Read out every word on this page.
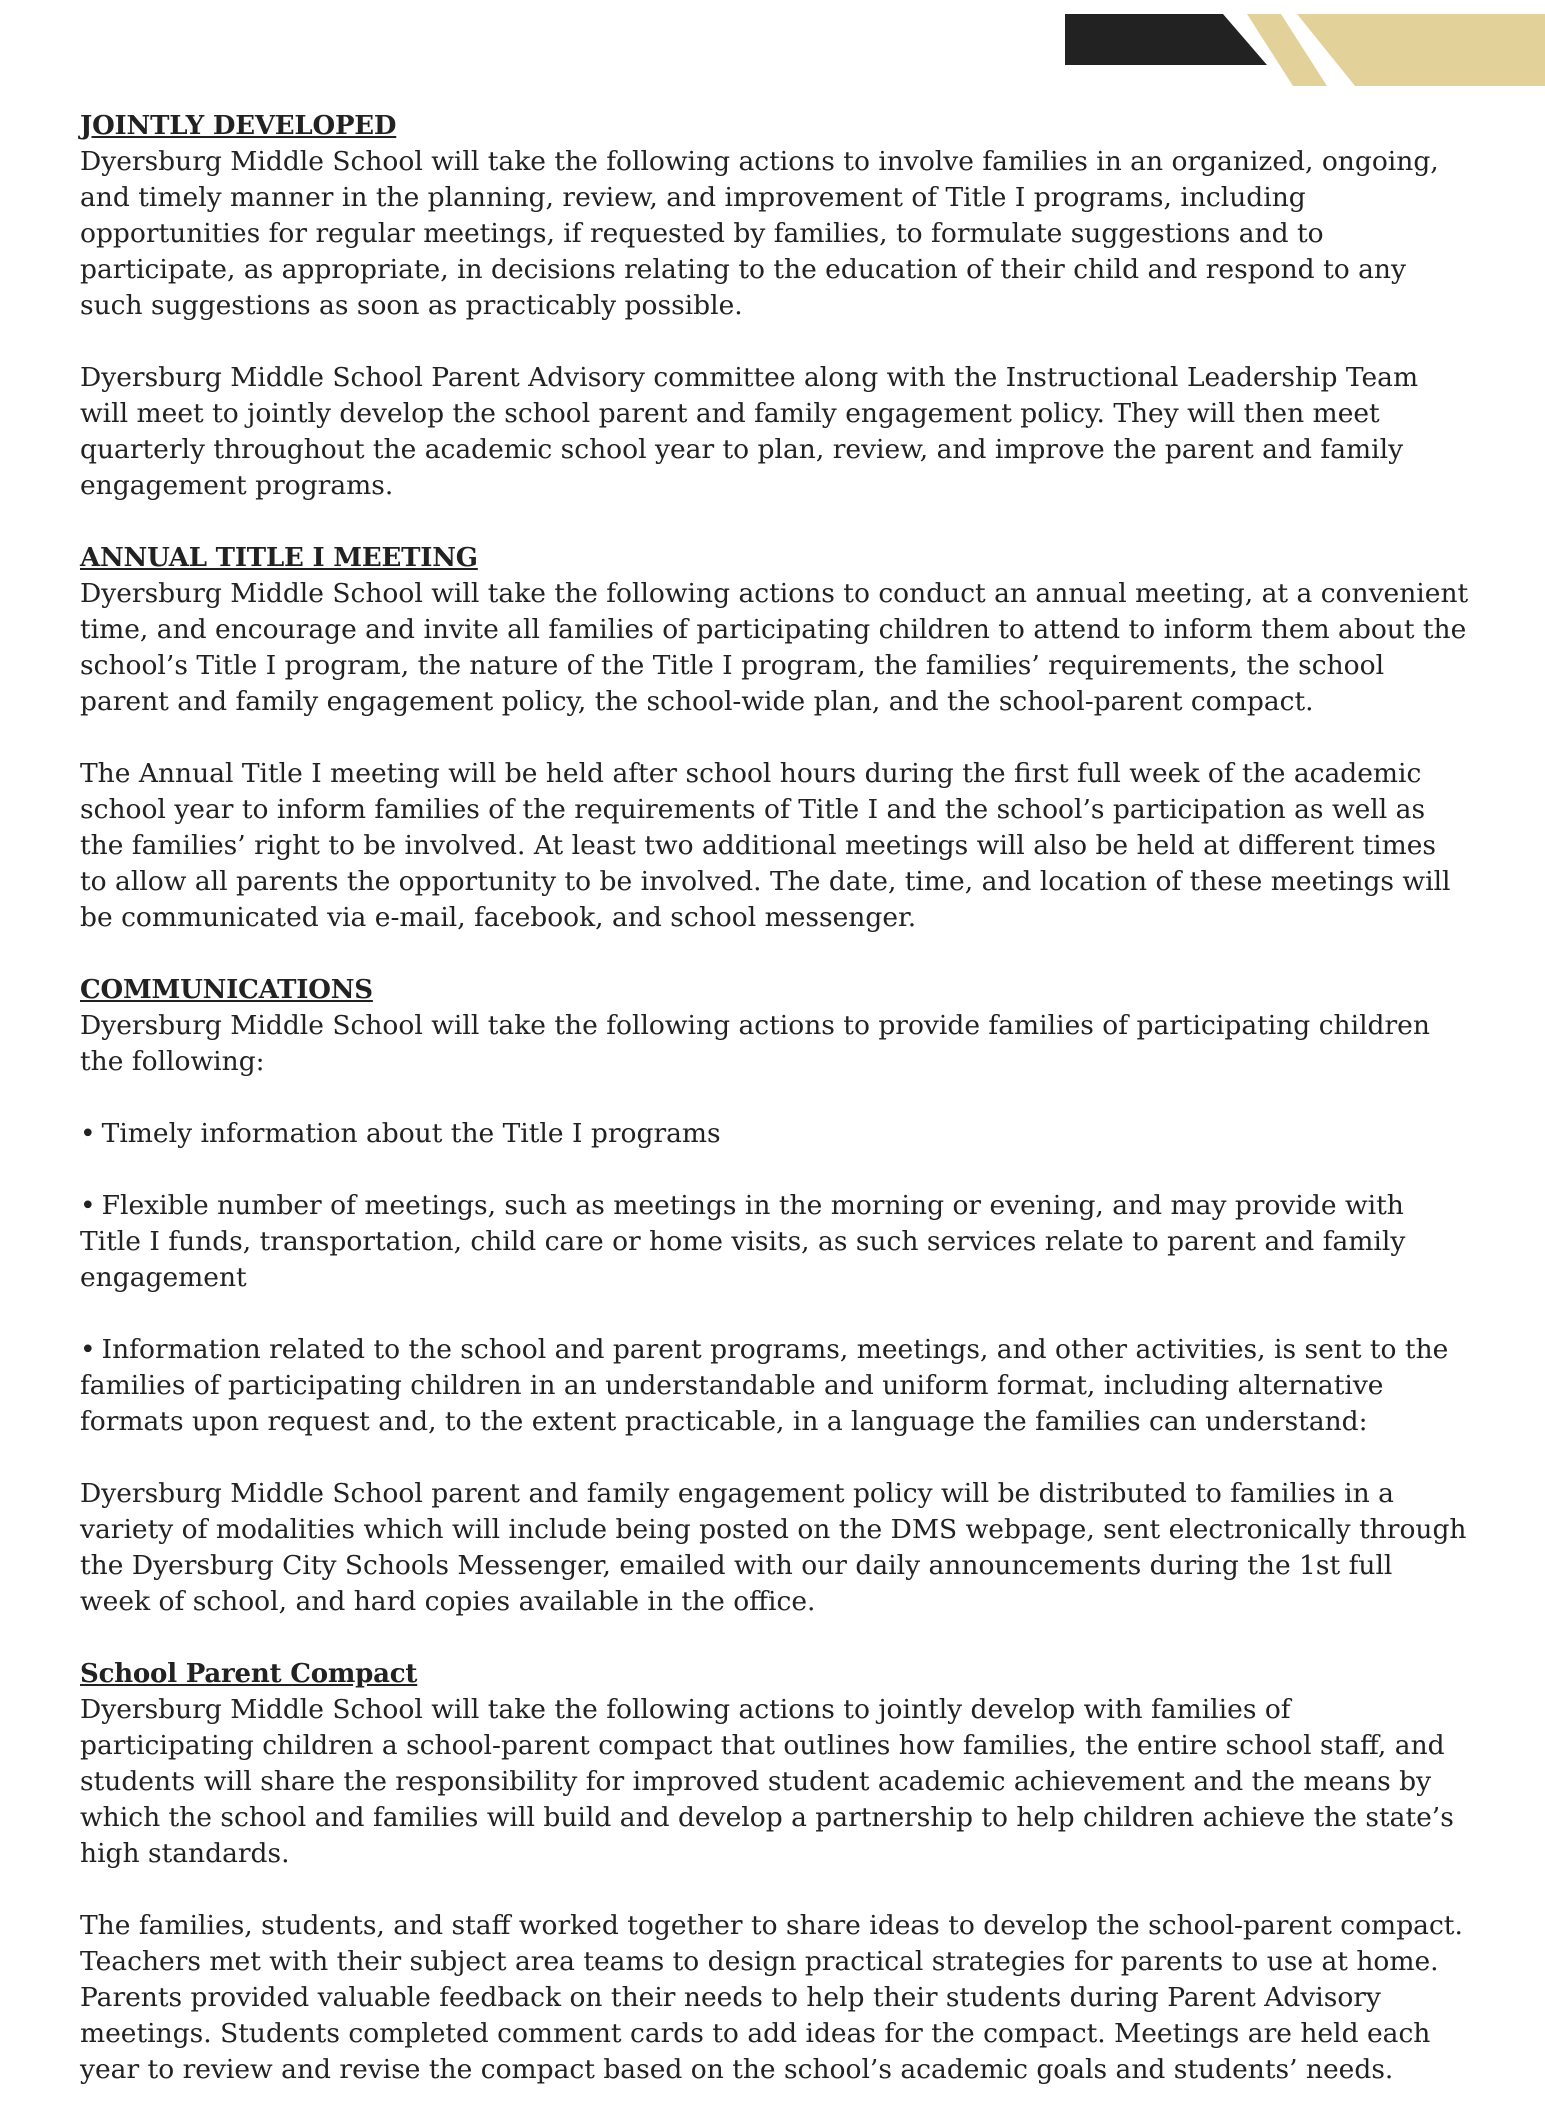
JOINTLY DEVELOPED

Dyersburg Middle School will take the following actions to involve families in an organized, ongoing, and timely manner in the planning, review, and improvement of Title I programs, including opportunities for regular meetings, if requested by families, to formulate suggestions and to participate, as appropriate, in decisions relating to the education of their child and respond to any such suggestions as soon as practicably possible.

Dyersburg Middle School Parent Advisory committee along with the Instructional Leadership Team will meet to jointly develop the school parent and family engagement policy. They will then meet quarterly throughout the academic school year to plan, review, and improve the parent and family engagement programs.

ANNUAL TITLE I MEETING

Dyersburg Middle School will take the following actions to conduct an annual meeting, at a convenient time, and encourage and invite all families of participating children to attend to inform them about the school’s Title I program, the nature of the Title I program, the families’ requirements, the school parent and family engagement policy, the school-wide plan, and the school-parent compact.

The Annual Title I meeting will be held after school hours during the first full week of the academic school year to inform families of the requirements of Title I and the school’s participation as well as the families’ right to be involved. At least two additional meetings will also be held at different times to allow all parents the opportunity to be involved. The date, time, and location of these meetings will be communicated via e-mail, facebook, and school messenger.

COMMUNICATIONS

Dyersburg Middle School will take the following actions to provide families of participating children the following:

• Timely information about the Title I programs

• Flexible number of meetings, such as meetings in the morning or evening, and may provide with Title I funds, transportation, child care or home visits, as such services relate to parent and family engagement

• Information related to the school and parent programs, meetings, and other activities, is sent to the families of participating children in an understandable and uniform format, including alternative formats upon request and, to the extent practicable, in a language the families can understand:

Dyersburg Middle School parent and family engagement policy will be distributed to families in a variety of modalities which will include being posted on the DMS webpage, sent electronically through the Dyersburg City Schools Messenger, emailed with our daily announcements during the 1st full week of school, and hard copies available in the office.

School Parent Compact

Dyersburg Middle School will take the following actions to jointly develop with families of participating children a school-parent compact that outlines how families, the entire school staff, and students will share the responsibility for improved student academic achievement and the means by which the school and families will build and develop a partnership to help children achieve the state’s high standards.

The families, students, and staff worked together to share ideas to develop the school-parent compact. Teachers met with their subject area teams to design practical strategies for parents to use at home. Parents provided valuable feedback on their needs to help their students during Parent Advisory meetings. Students completed comment cards to add ideas for the compact. Meetings are held each year to review and revise the compact based on the school’s academic goals and students’ needs.
